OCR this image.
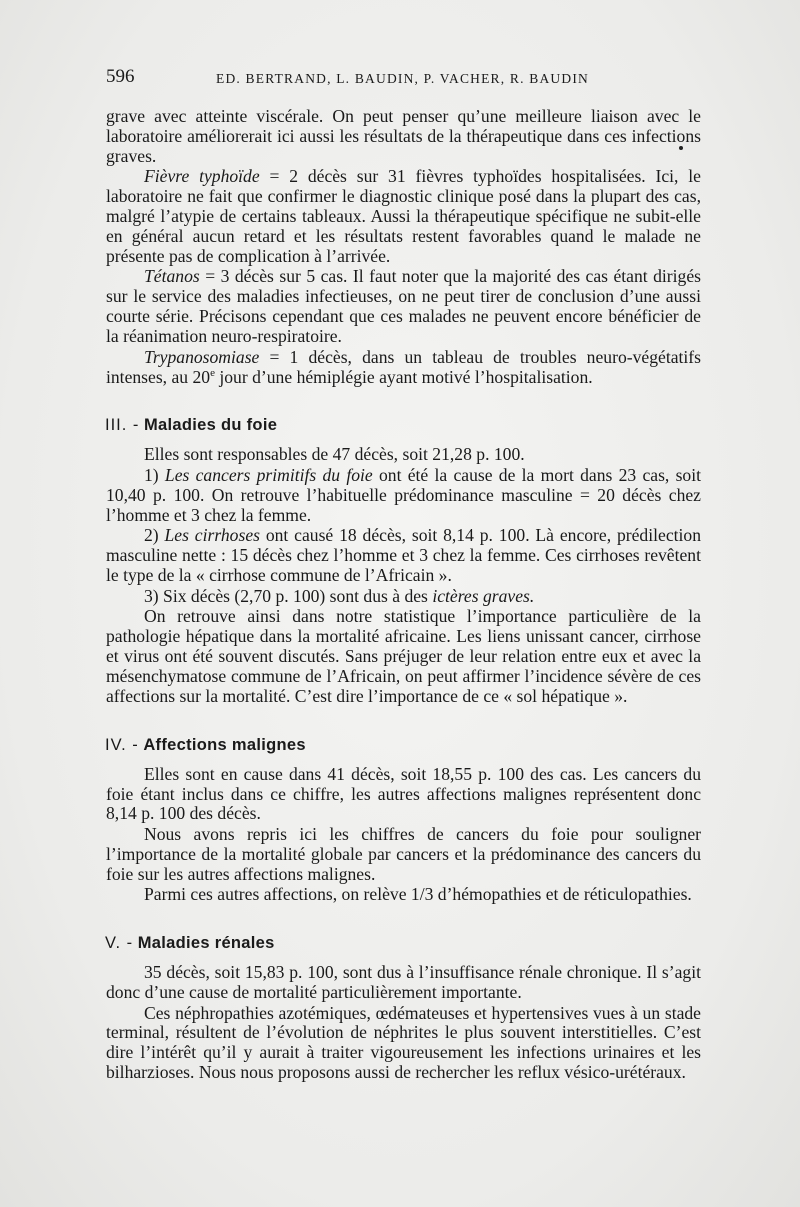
596	ED. BERTRAND, L. BAUDIN, P. VACHER, R. BAUDIN

grave avec atteinte viscérale. On peut penser qu’une meilleure liaison avec le laboratoire améliorerait ici aussi les résultats de la thérapeutique dans ces infections graves.

Fièvre typhoïde = 2 décès sur 31 fièvres typhoïdes hospitalisées. Ici, le laboratoire ne fait que confirmer le diagnostic clinique posé dans la plupart des cas, malgré l’atypie de certains tableaux. Aussi la thérapeutique spécifique ne subit-elle en général aucun retard et les résultats restent favorables quand le malade ne présente pas de complication à l’arrivée.

Tétanos = 3 décès sur 5 cas. Il faut noter que la majorité des cas étant dirigés sur le service des maladies infectieuses, on ne peut tirer de conclusion d’une aussi courte série. Précisons cependant que ces malades ne peuvent encore bénéficier de la réanimation neuro-respiratoire.

Trypanosomiase = 1 décès, dans un tableau de troubles neuro-végétatifs intenses, au 20e jour d’une hémiplégie ayant motivé l’hospitalisation.

III. - Maladies du foie

Elles sont responsables de 47 décès, soit 21,28 p. 100.

1) Les cancers primitifs du foie ont été la cause de la mort dans 23 cas, soit 10,40 p. 100. On retrouve l’habituelle prédominance masculine = 20 décès chez l’homme et 3 chez la femme.

2) Les cirrhoses ont causé 18 décès, soit 8,14 p. 100. Là encore, prédilection masculine nette : 15 décès chez l’homme et 3 chez la femme. Ces cirrhoses revêtent le type de la « cirrhose commune de l’Africain ».

3) Six décès (2,70 p. 100) sont dus à des ictères graves.

On retrouve ainsi dans notre statistique l’importance particulière de la pathologie hépatique dans la mortalité africaine. Les liens unissant cancer, cirrhose et virus ont été souvent discutés. Sans préjuger de leur relation entre eux et avec la mésenchymatose commune de l’Africain, on peut affirmer l’incidence sévère de ces affections sur la mortalité. C’est dire l’importance de ce « sol hépatique ».

IV. - Affections malignes

Elles sont en cause dans 41 décès, soit 18,55 p. 100 des cas. Les cancers du foie étant inclus dans ce chiffre, les autres affections malignes représentent donc 8,14 p. 100 des décès.

Nous avons repris ici les chiffres de cancers du foie pour souligner l’importance de la mortalité globale par cancers et la prédominance des cancers du foie sur les autres affections malignes.

Parmi ces autres affections, on relève 1/3 d’hémopathies et de réticulopathies.

V. - Maladies rénales

35 décès, soit 15,83 p. 100, sont dus à l’insuffisance rénale chronique. Il s’agit donc d’une cause de mortalité particulièrement importante.

Ces néphropathies azotémiques, œdémateuses et hypertensives vues à un stade terminal, résultent de l’évolution de néphrites le plus souvent interstitielles. C’est dire l’intérêt qu’il y aurait à traiter vigoureusement les infections urinaires et les bilharzioses. Nous nous proposons aussi de rechercher les reflux vésico-urétéraux.
